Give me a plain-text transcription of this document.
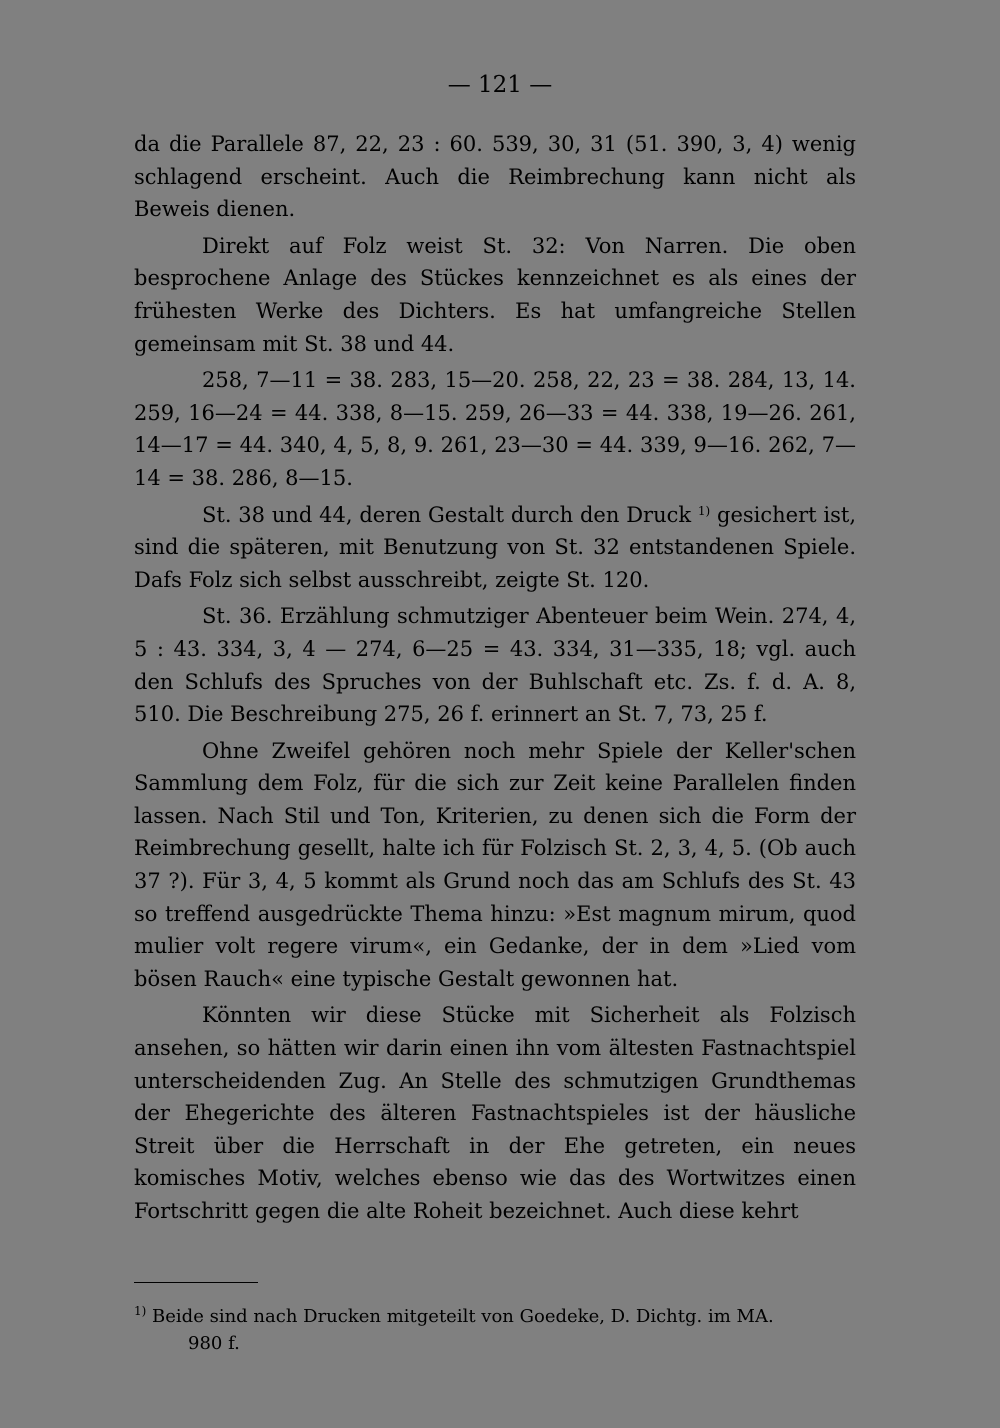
— 121 —

da die Parallele 87, 22, 23 : 60. 539, 30, 31 (51. 390, 3, 4) wenig schlagend erscheint. Auch die Reimbrechung kann nicht als Beweis dienen.

Direkt auf Folz weist St. 32: Von Narren. Die oben besprochene Anlage des Stückes kennzeichnet es als eines der frühesten Werke des Dichters. Es hat umfangreiche Stellen gemeinsam mit St. 38 und 44.

258, 7—11 = 38. 283, 15—20. 258, 22, 23 = 38. 284, 13, 14. 259, 16—24 = 44. 338, 8—15. 259, 26—33 = 44. 338, 19—26. 261, 14—17 = 44. 340, 4, 5, 8, 9. 261, 23—30 = 44. 339, 9—16. 262, 7—14 = 38. 286, 8—15.

St. 38 und 44, deren Gestalt durch den Druck $^{1)}$ gesichert ist, sind die späteren, mit Benutzung von St. 32 entstandenen Spiele. Dafs Folz sich selbst ausschreibt, zeigte St. 120.

St. 36. Erzählung schmutziger Abenteuer beim Wein. 274, 4, 5 : 43. 334, 3, 4 — 274, 6—25 = 43. 334, 31—335, 18; vgl. auch den Schlufs des Spruches von der Buhlschaft etc. Zs. f. d. A. 8, 510. Die Beschreibung 275, 26 f. erinnert an St. 7, 73, 25 f.

Ohne Zweifel gehören noch mehr Spiele der Keller'schen Sammlung dem Folz, für die sich zur Zeit keine Parallelen finden lassen. Nach Stil und Ton, Kriterien, zu denen sich die Form der Reimbrechung gesellt, halte ich für Folzisch St. 2, 3, 4, 5. (Ob auch 37 ?). Für 3, 4, 5 kommt als Grund noch das am Schlufs des St. 43 so treffend ausgedrückte Thema hinzu: »Est magnum mirum, quod mulier volt regere virum«, ein Gedanke, der in dem »Lied vom bösen Rauch« eine typische Gestalt gewonnen hat.

Könnten wir diese Stücke mit Sicherheit als Folzisch ansehen, so hätten wir darin einen ihn vom ältesten Fastnachtspiel unterscheidenden Zug. An Stelle des schmutzigen Grundthemas der Ehegerichte des älteren Fastnachtspieles ist der häusliche Streit über die Herrschaft in der Ehe getreten, ein neues komisches Motiv, welches ebenso wie das des Wortwitzes einen Fortschritt gegen die alte Roheit bezeichnet. Auch diese kehrt

$^{1)}$ Beide sind nach Drucken mitgeteilt von Goedeke, D. Dichtg. im MA.
980 f.
